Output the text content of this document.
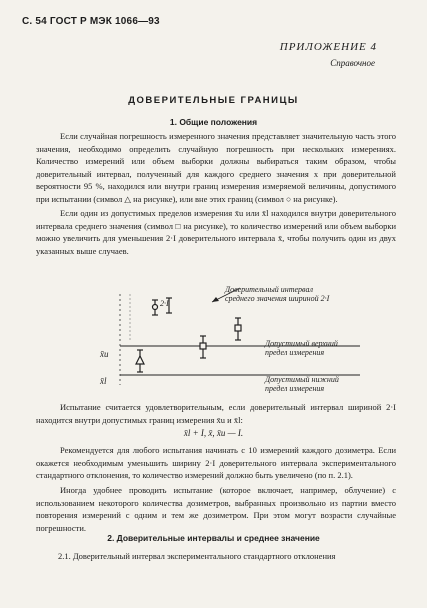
С. 54 ГОСТ Р МЭК 1066—93
ПРИЛОЖЕНИЕ 4
Справочное
ДОВЕРИТЕЛЬНЫЕ ГРАНИЦЫ
1. Общие положения
Если случайная погрешность измеренного значения представляет значительную часть этого значения, необходимо определить случайную погрешность при нескольких измерениях. Количество измерений или объем выборки должны выбираться таким образом, чтобы доверительный интервал, полученный для каждого среднего значения x при доверительной вероятности 95 %, находился или внутри границ измерения измеряемой величины, допустимого при испытании (символ △ на рисунке), или вне этих границ (символ ○ на рисунке).
Если один из допустимых пределов измерения x̄u или x̄l находился внутри доверительного интервала среднего значения (символ □ на рисунке), то количество измерений или объем выборки можно увеличить для уменьшения 2·I доверительного интервала x̄, чтобы получить один из двух указанных выше случаев.
2·I
Доверительный интервал среднего значения шириной 2·I
Допустимый верхний предел измерения
Допустимый нижний предел измерения
x̄u
x̄l
Испытание считается удовлетворительным, если доверительный интервал шириной 2·I находится внутри допустимых границ измерения x̄u и x̄l:
x̄l + I, x̄, x̄u — I.
Рекомендуется для любого испытания начинать с 10 измерений каждого дозиметра. Если окажется необходимым уменьшить ширину 2·I доверительного интервала экспериментального стандартного отклонения, то количество измерений должно быть увеличено (по п. 2.1).
Иногда удобнее проводить испытание (которое включает, например, облучение) с использованием некоторого количества дозиметров, выбранных произвольно из партии вместо повторения измерений с одним и тем же дозиметром. При этом могут возрасти случайные погрешности.
2. Доверительные интервалы и среднее значение
2.1. Доверительный интервал экспериментального стандартного отклонения
